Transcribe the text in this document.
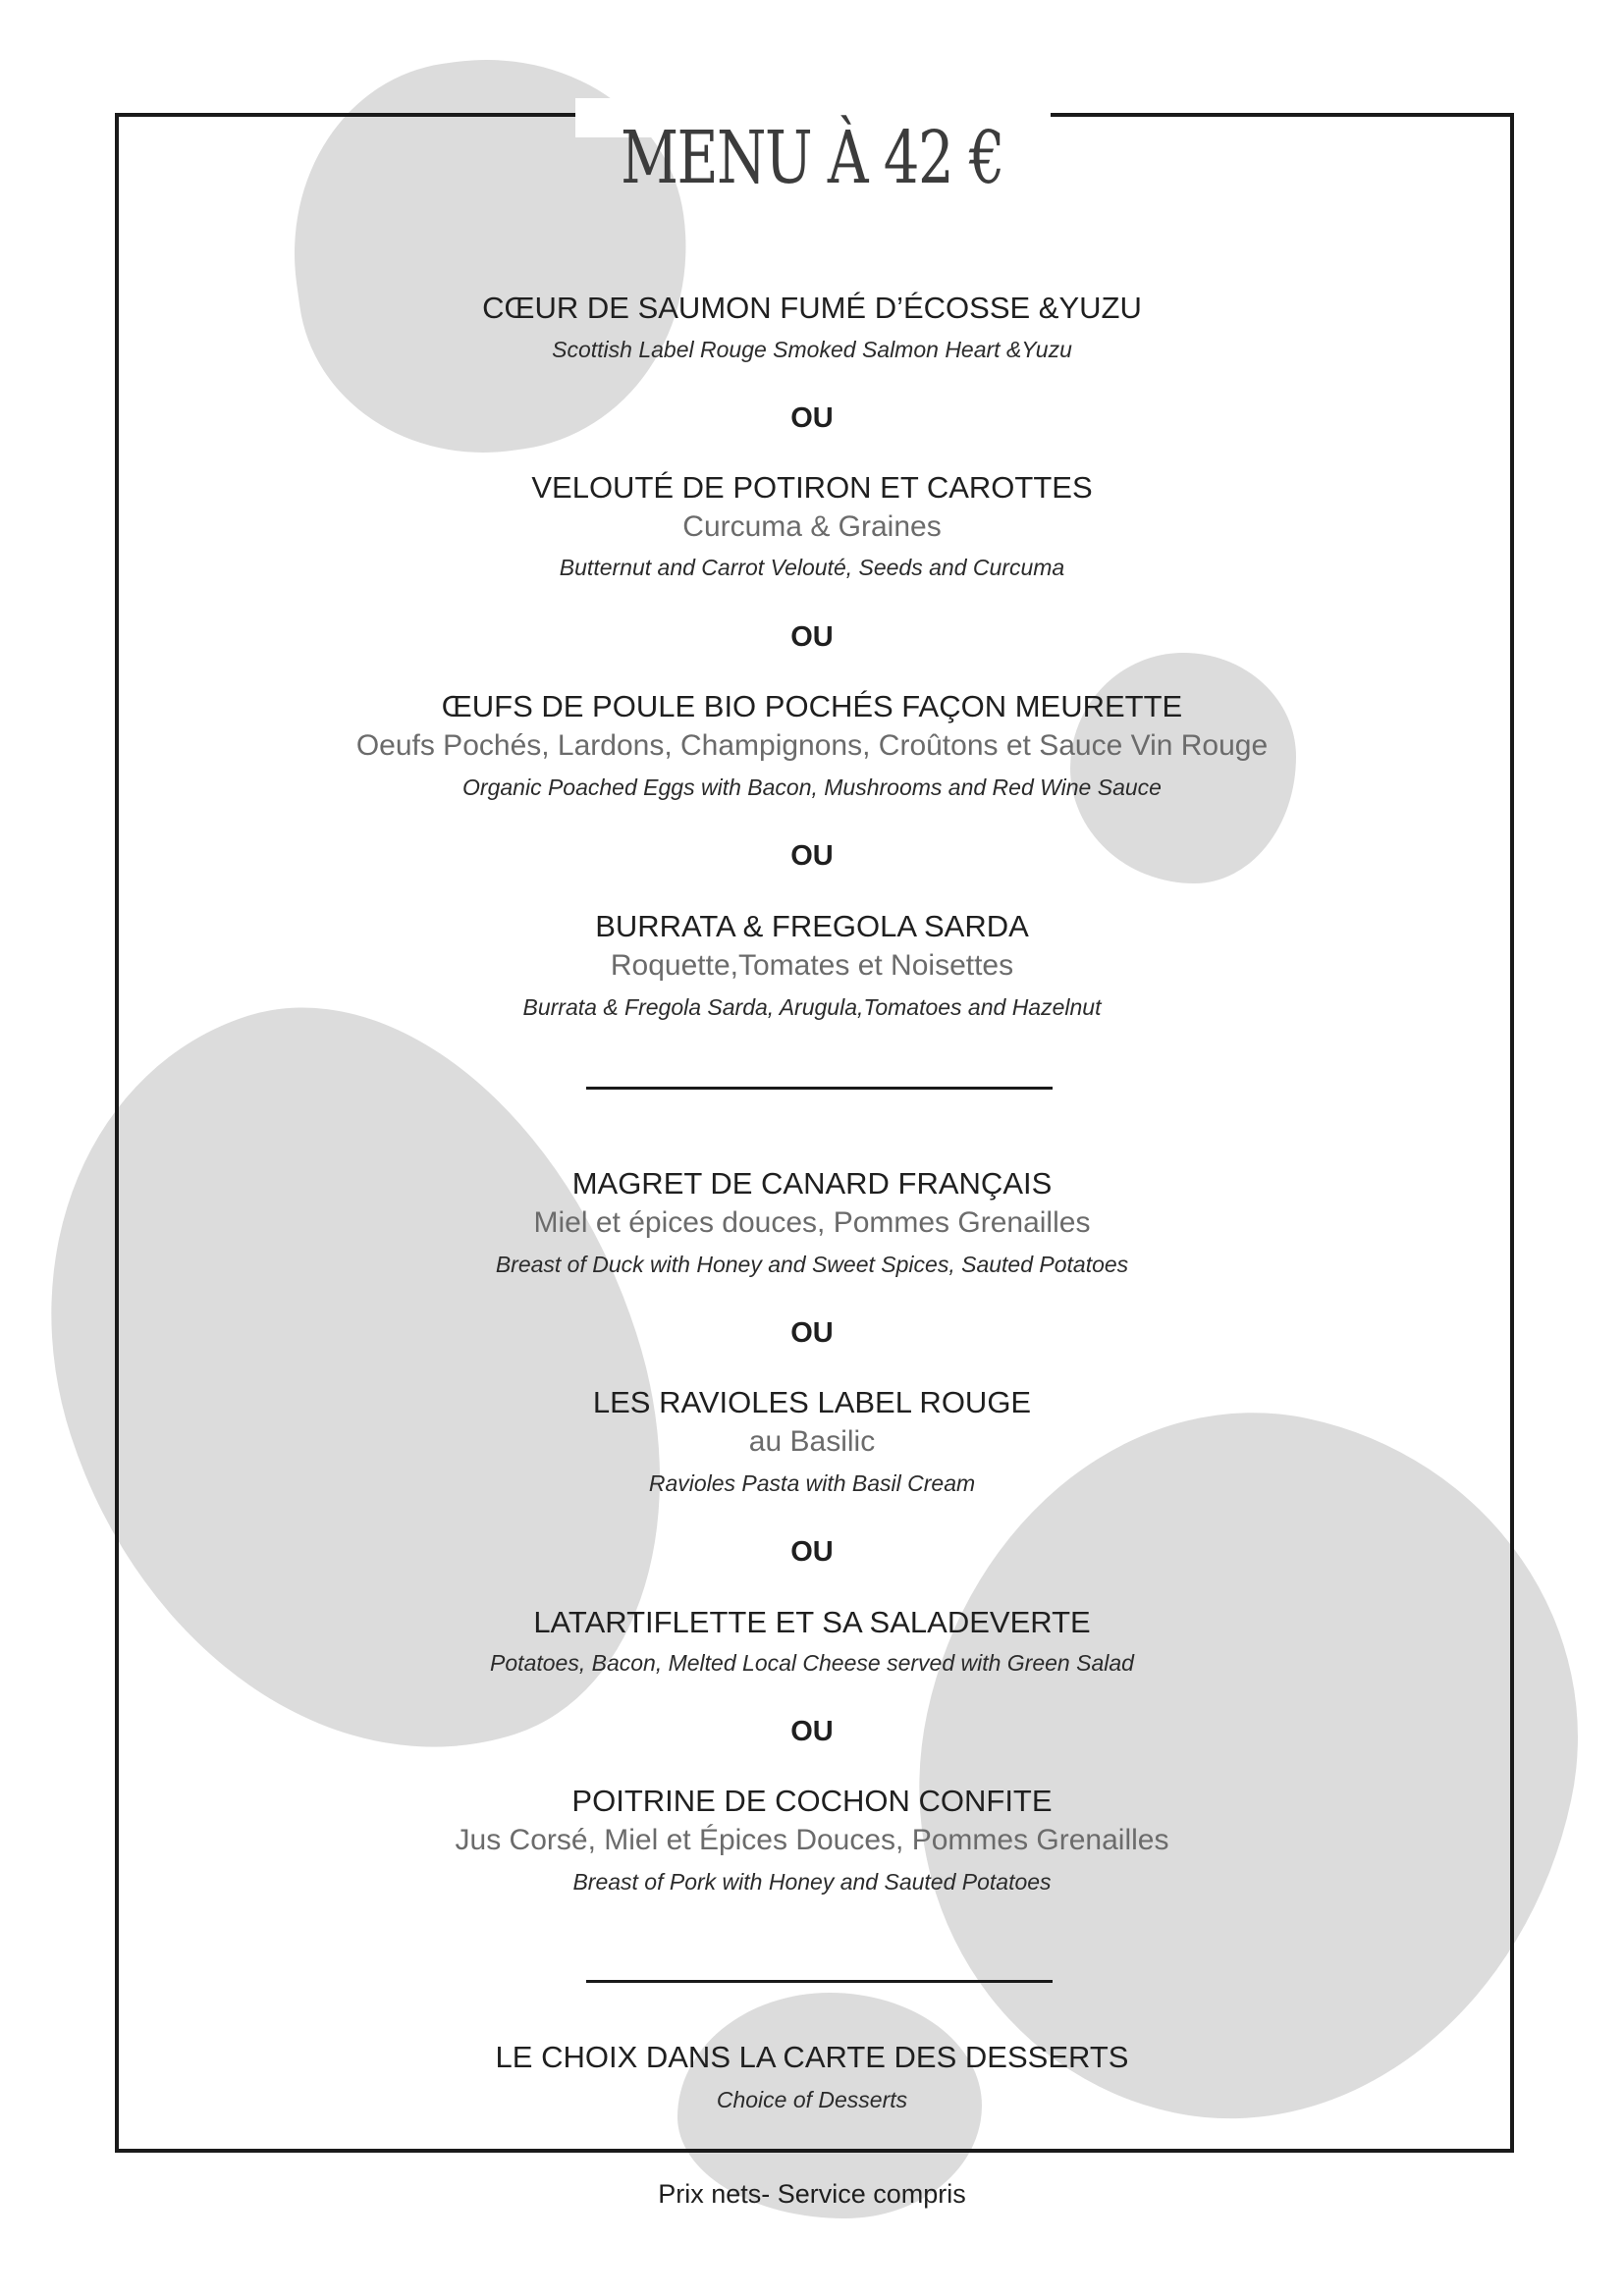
MENU À 42 €
CŒUR DE SAUMON FUMÉ D’ÉCOSSE &YUZU
Scottish Label Rouge Smoked Salmon Heart &Yuzu
OU
VELOUTÉ DE POTIRON ET CAROTTES
Curcuma & Graines
Butternut and Carrot Velouté, Seeds and Curcuma
OU
ŒUFS DE POULE BIO POCHÉS FAÇON MEURETTE
Oeufs Pochés, Lardons, Champignons, Croûtons et Sauce Vin Rouge
Organic Poached Eggs with Bacon, Mushrooms and Red Wine Sauce
OU
BURRATA & FREGOLA SARDA
Roquette,Tomates et Noisettes
Burrata & Fregola Sarda, Arugula,Tomatoes and Hazelnut
MAGRET DE CANARD FRANÇAIS
Miel et épices douces, Pommes Grenailles
Breast of Duck with Honey and Sweet Spices, Sauted Potatoes
OU
LES RAVIOLES LABEL ROUGE
au Basilic
Ravioles Pasta with Basil Cream
OU
LATARTIFLETTE ET SA SALADEVERTE
Potatoes, Bacon, Melted Local Cheese served with Green Salad
OU
POITRINE DE COCHON CONFITE
Jus Corsé, Miel et Épices Douces, Pommes Grenailles
Breast of Pork with Honey and Sauted Potatoes
LE CHOIX DANS LA CARTE DES DESSERTS
Choice of Desserts
Prix nets- Service compris
